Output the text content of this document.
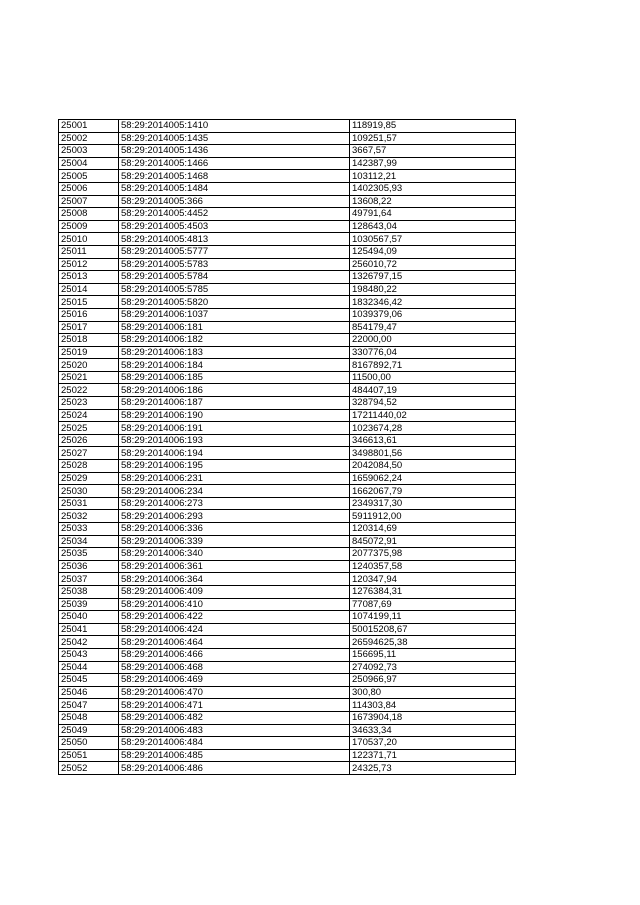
25001	58:29:2014005:1410	118919,85
25002	58:29:2014005:1435	109251,57
25003	58:29:2014005:1436	3667,57
25004	58:29:2014005:1466	142387,99
25005	58:29:2014005:1468	103112,21
25006	58:29:2014005:1484	1402305,93
25007	58:29:2014005:366	13608,22
25008	58:29:2014005:4452	49791,64
25009	58:29:2014005:4503	128643,04
25010	58:29:2014005:4813	1030567,57
25011	58:29:2014005:5777	125494,09
25012	58:29:2014005:5783	256010,72
25013	58:29:2014005:5784	1326797,15
25014	58:29:2014005:5785	198480,22
25015	58:29:2014005:5820	1832346,42
25016	58:29:2014006:1037	1039379,06
25017	58:29:2014006:181	854179,47
25018	58:29:2014006:182	22000,00
25019	58:29:2014006:183	330776,04
25020	58:29:2014006:184	8167892,71
25021	58:29:2014006:185	11500,00
25022	58:29:2014006:186	484407,19
25023	58:29:2014006:187	328794,52
25024	58:29:2014006:190	17211440,02
25025	58:29:2014006:191	1023674,28
25026	58:29:2014006:193	346613,61
25027	58:29:2014006:194	3498801,56
25028	58:29:2014006:195	2042084,50
25029	58:29:2014006:231	1659062,24
25030	58:29:2014006:234	1662067,79
25031	58:29:2014006:273	2349317,30
25032	58:29:2014006:293	5911912,00
25033	58:29:2014006:336	120314,69
25034	58:29:2014006:339	845072,91
25035	58:29:2014006:340	2077375,98
25036	58:29:2014006:361	1240357,58
25037	58:29:2014006:364	120347,94
25038	58:29:2014006:409	1276384,31
25039	58:29:2014006:410	77087,69
25040	58:29:2014006:422	1074199,11
25041	58:29:2014006:424	50015208,67
25042	58:29:2014006:464	26594625,38
25043	58:29:2014006:466	156695,11
25044	58:29:2014006:468	274092,73
25045	58:29:2014006:469	250966,97
25046	58:29:2014006:470	300,80
25047	58:29:2014006:471	114303,84
25048	58:29:2014006:482	1673904,18
25049	58:29:2014006:483	34633,34
25050	58:29:2014006:484	170537,20
25051	58:29:2014006:485	122371,71
25052	58:29:2014006:486	24325,73
